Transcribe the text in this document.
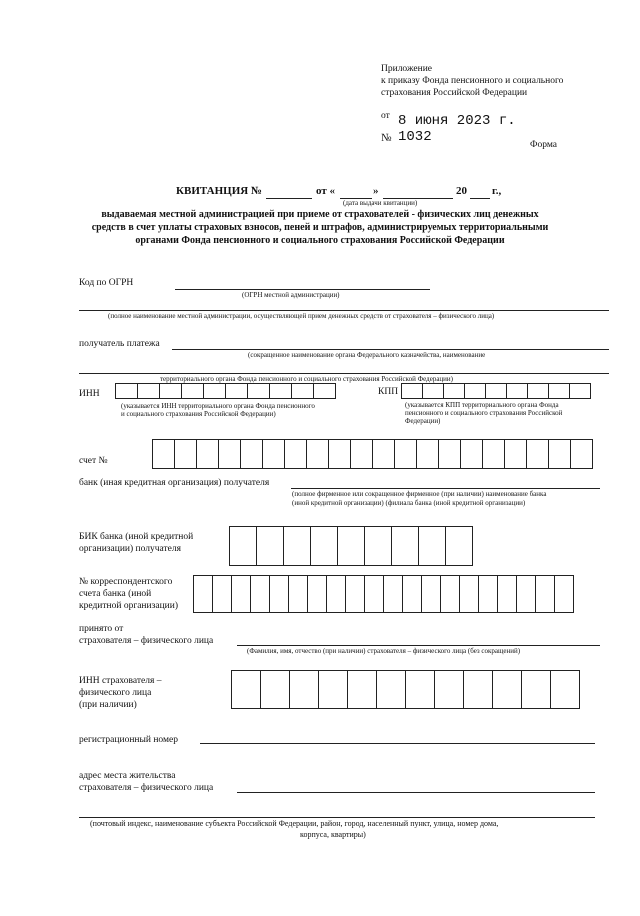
Приложение
к приказу Фонда пенсионного и социального
страхования Российской Федерации
от 8 июня 2023 г.
№ 1032	Форма
КВИТАНЦИЯ №	от «	»	20 г.,
(дата выдачи квитанции)
выдаваемая местной администрацией при приеме от страхователей - физических лиц денежных
средств в счет уплаты страховых взносов, пеней и штрафов, администрируемых территориальными
органами Фонда пенсионного и социального страхования Российской Федерации
Код по ОГРН
(ОГРН местной администрации)
(полное наименование местной администрации, осуществляющей прием денежных средств от страхователя – физического лица)
получатель платежа
(сокращенное наименование органа Федерального казначейства, наименование
территориального органа Фонда пенсионного и социального страхования Российской Федерации)
ИНН
(указывается ИНН территориального органа Фонда пенсионного
и социального страхования Российской Федерации)
КПП
(указывается КПП территориального органа Фонда
пенсионного и социального страхования Российской
Федерации)
счет №
банк (иная кредитная организация) получателя
(полное фирменное или сокращенное фирменное (при наличии) наименование банка
(иной кредитной организации) (филиала банка (иной кредитной организации)
БИК банка (иной кредитной
организации) получателя
№ корреспондентского
счета банка (иной
кредитной организации)
принято от
страхователя – физического лица
(Фамилия, имя, отчество (при наличии) страхователя – физического лица (без сокращений)
ИНН страхователя –
физического лица
(при наличии)
регистрационный номер
адрес места жительства
страхователя – физического лица
(почтовый индекс, наименование субъекта Российской Федерации, район, город, населенный пункт, улица, номер дома,
корпуса, квартиры)
